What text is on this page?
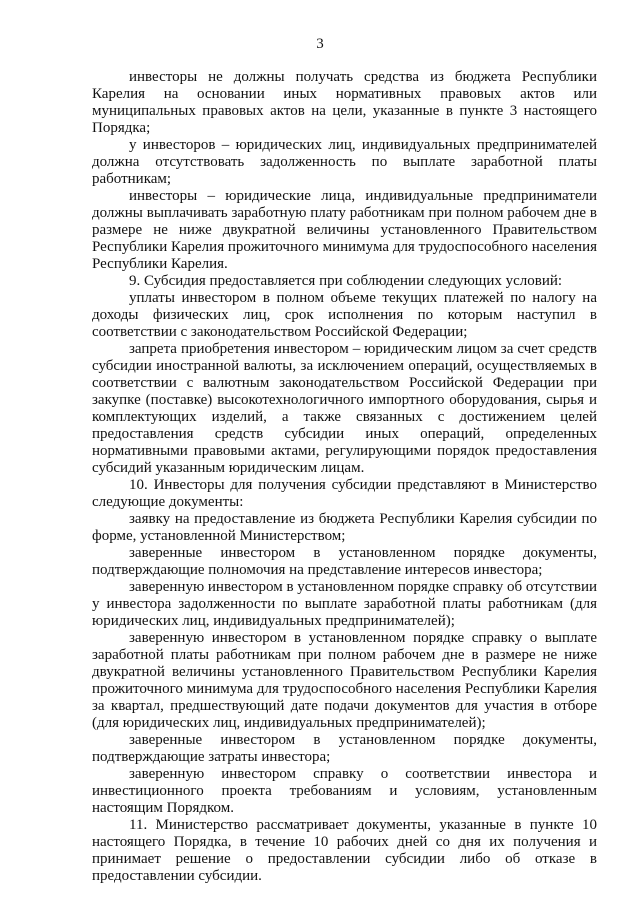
3

инвесторы не должны получать средства из бюджета Республики Карелия на основании иных нормативных правовых актов или муниципальных правовых актов на цели, указанные в пункте 3 настоящего Порядка;

у инвесторов – юридических лиц, индивидуальных предпринимателей должна отсутствовать задолженность по выплате заработной платы работникам;

инвесторы – юридические лица, индивидуальные предприниматели должны выплачивать заработную плату работникам при полном рабочем дне в размере не ниже двукратной величины установленного Правительством Республики Карелия прожиточного минимума для трудоспособного населения Республики Карелия.

9. Субсидия предоставляется при соблюдении следующих условий:

уплаты инвестором в полном объеме текущих платежей по налогу на доходы физических лиц, срок исполнения по которым наступил в соответствии с законодательством Российской Федерации;

запрета приобретения инвестором – юридическим лицом за счет средств субсидии иностранной валюты, за исключением операций, осуществляемых в соответствии с валютным законодательством Российской Федерации при закупке (поставке) высокотехнологичного импортного оборудования, сырья и комплектующих изделий, а также связанных с достижением целей предоставления средств субсидии иных операций, определенных нормативными правовыми актами, регулирующими порядок предоставления субсидий указанным юридическим лицам.

10. Инвесторы для получения субсидии представляют в Министерство следующие документы:

заявку на предоставление из бюджета Республики Карелия субсидии по форме, установленной Министерством;

заверенные инвестором в установленном порядке документы, подтверждающие полномочия на представление интересов инвестора;

заверенную инвестором в установленном порядке справку об отсутствии у инвестора задолженности по выплате заработной платы работникам (для юридических лиц, индивидуальных предпринимателей);

заверенную инвестором в установленном порядке справку о выплате заработной платы работникам при полном рабочем дне в размере не ниже двукратной величины установленного Правительством Республики Карелия прожиточного минимума для трудоспособного населения Республики Карелия за квартал, предшествующий дате подачи документов для участия в отборе (для юридических лиц, индивидуальных предпринимателей);

заверенные инвестором в установленном порядке документы, подтверждающие затраты инвестора;

заверенную инвестором справку о соответствии инвестора и инвестиционного проекта требованиям и условиям, установленным настоящим Порядком.

11. Министерство рассматривает документы, указанные в пункте 10 настоящего Порядка, в течение 10 рабочих дней со дня их получения и принимает решение о предоставлении субсидии либо об отказе в предоставлении субсидии.
